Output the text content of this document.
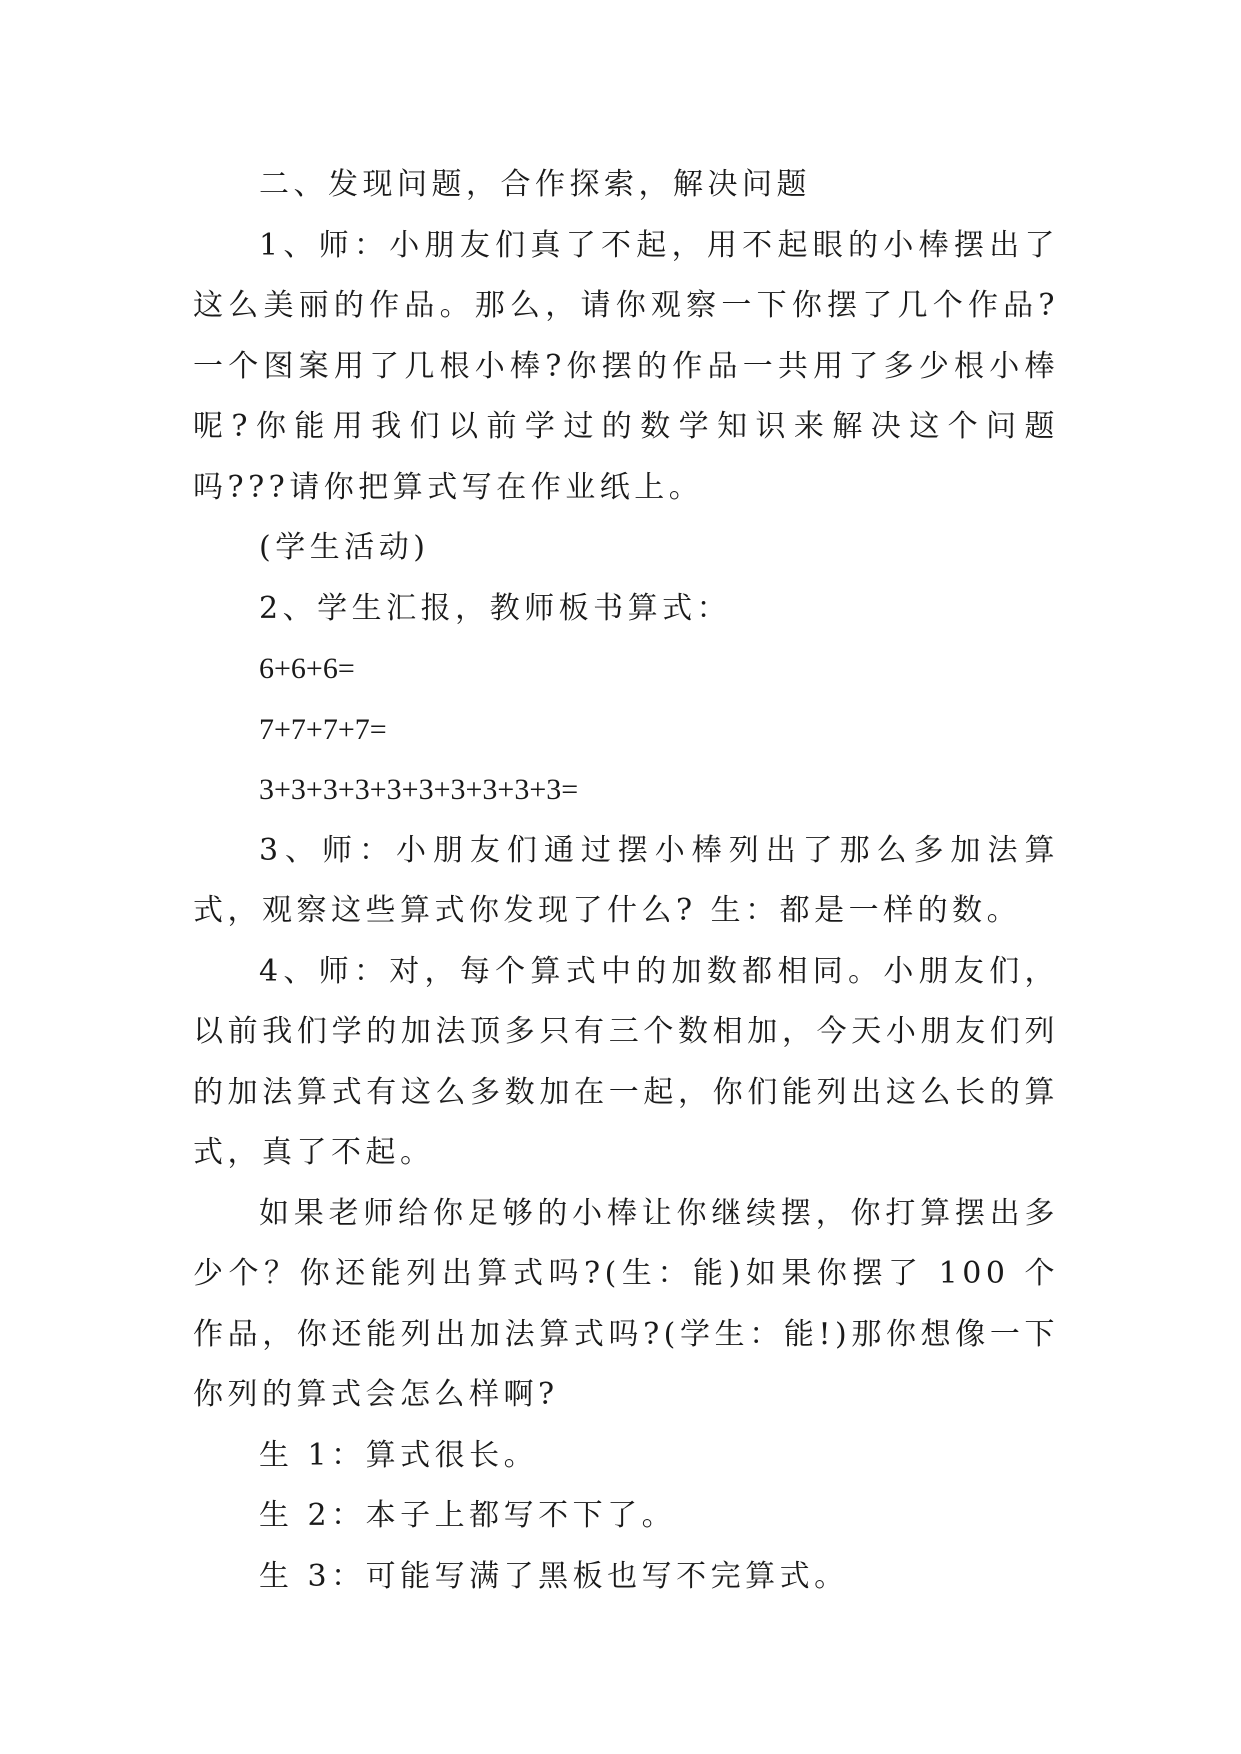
二、发现问题，合作探索，解决问题

1、师：小朋友们真了不起，用不起眼的小棒摆出了这么美丽的作品。那么，请你观察一下你摆了几个作品?一个图案用了几根小棒?你摆的作品一共用了多少根小棒呢?你能用我们以前学过的数学知识来解决这个问题吗???请你把算式写在作业纸上。

(学生活动)

2、学生汇报，教师板书算式：

6+6+6=

7+7+7+7=

3+3+3+3+3+3+3+3+3+3=

3、师：小朋友们通过摆小棒列出了那么多加法算式，观察这些算式你发现了什么? 生：都是一样的数。

4、师：对，每个算式中的加数都相同。小朋友们，以前我们学的加法顶多只有三个数相加，今天小朋友们列的加法算式有这么多数加在一起，你们能列出这么长的算式，真了不起。

如果老师给你足够的小棒让你继续摆，你打算摆出多少个？你还能列出算式吗?(生：能)如果你摆了 100 个作品，你还能列出加法算式吗?(学生：能!)那你想像一下你列的算式会怎么样啊?

生 1：算式很长。

生 2：本子上都写不下了。

生 3：可能写满了黑板也写不完算式。
